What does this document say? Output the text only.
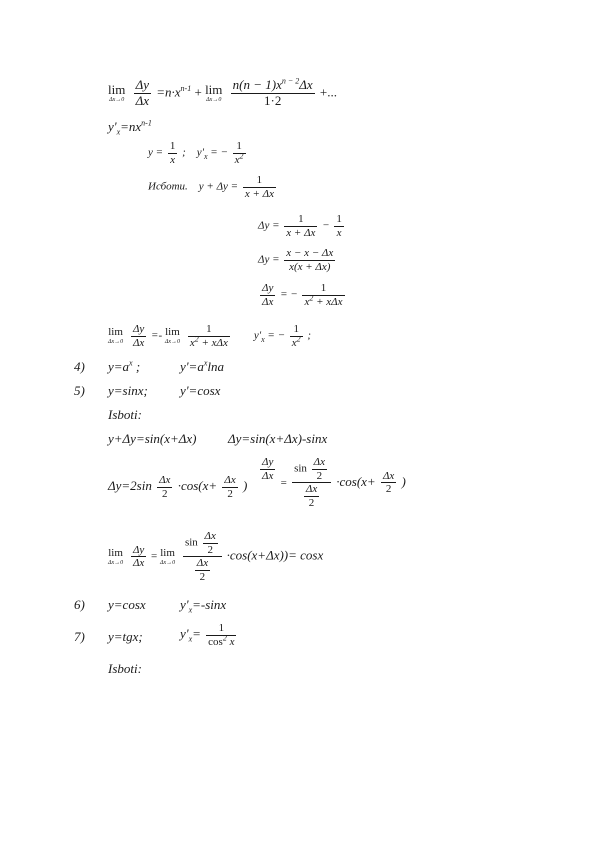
lim
Δx→0
$\frac{\Delta y}{\Delta x} =n\cdot x^{n-1} + \lim$
Δx→0
$\frac{n(n - 1)x^{n - 2}\Delta x}{1\cdot 2}$ +...
$y'_x=nx^{n-1}$
$y = \frac{1}{x}$ ; $y'_x$ = − $\frac{1}{x^2}$
Исботи. $y + \Delta y = \frac{1}{x + \Delta x}$
$\Delta y = \frac{1}{x + \Delta x} - \frac{1}{x}$
$\Delta y = \frac{x - x - \Delta x}{x(x + \Delta x)}$
$\frac{\Delta y}{\Delta x}$ = − $\frac{1}{x^2 + x\Delta x}$
lim
Δx→0
$\frac{\Delta y}{\Delta x} =- \lim$
Δx→0
$\frac{1}{x^2 + x\Delta x} y'_x$ = − $\frac{1}{x^2}$ ;
4) $y=a^x$ ;	$y'=a^x\ln a$
5) y=sinx; y'=cosx
Isboti:
y+Δy=sin(x+Δx) Δy=sin(x+Δx)-sinx
$\Delta y=2\sin \frac{\Delta x}{2} \cdot\cos(x+ \frac{\Delta x}{2}$ )
$\frac{\Delta y}{\Delta x}$
= $\frac{\sin \frac{\Delta x}{2}}{\frac{\Delta x}{2}} \cdot\cos(x+ \frac{\Delta x}{2}$ )
lim
Δx→0
$\frac{\Delta y}{\Delta x} = \lim$
Δx→0
$\frac{\sin \frac{\Delta x}{2}}{\frac{\Delta x}{2}} \cdot\cos(x+\Delta x))= \cos x$
6) y=cosx	$y'_x=$-sinx
7) y=tgx;	$y'_x= \frac{1}{\cos^2 x}$
Isboti:
